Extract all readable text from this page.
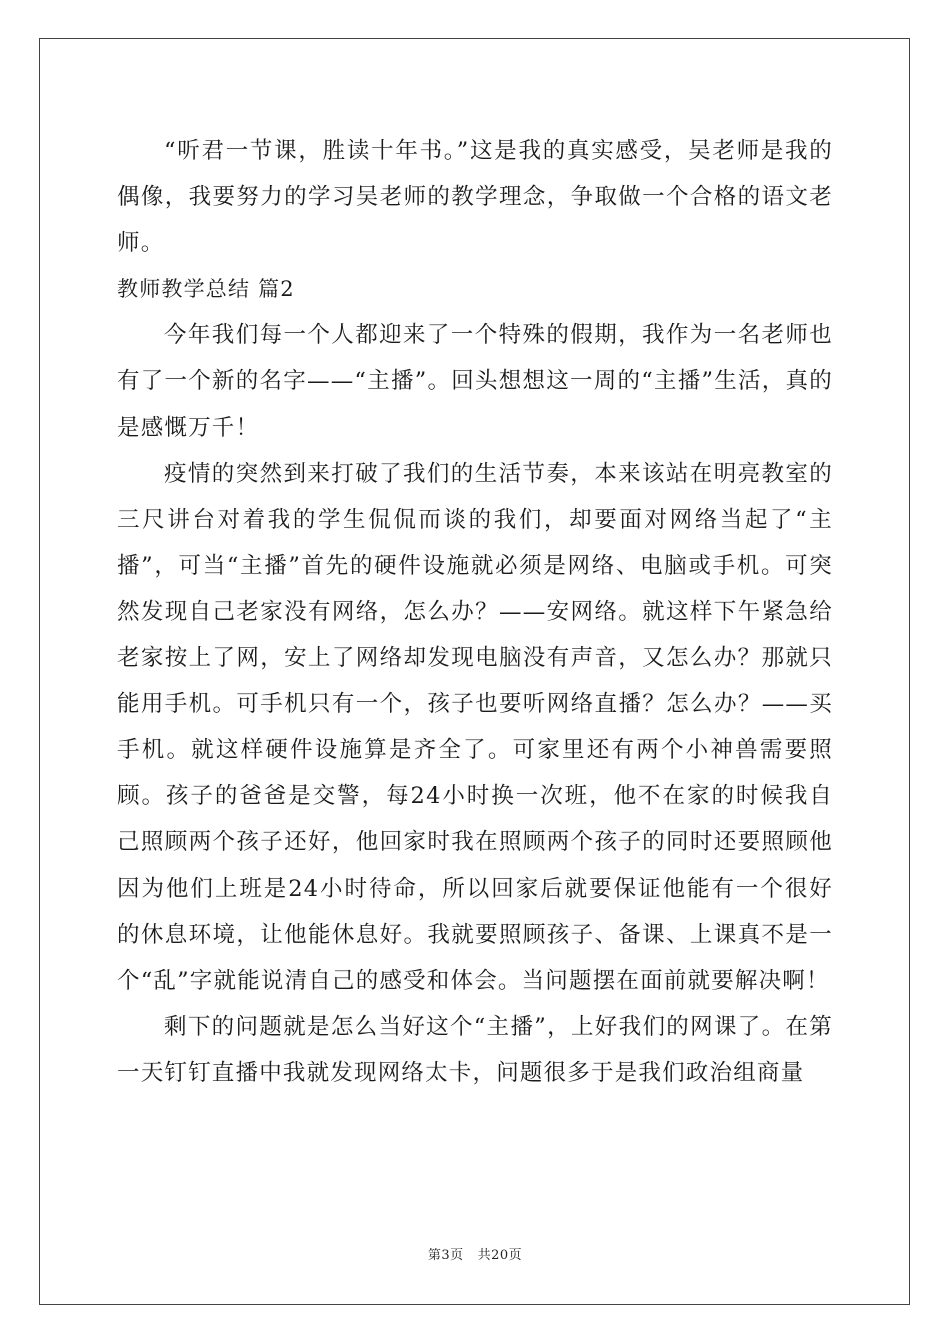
“听君一节课，胜读十年书。”这是我的真实感受，吴老师是我的偶像，我要努力的学习吴老师的教学理念，争取做一个合格的语文老师。

教师教学总结 篇2

今年我们每一个人都迎来了一个特殊的假期，我作为一名老师也有了一个新的名字——“主播”。回头想想这一周的“主播”生活，真的是感慨万千！

疫情的突然到来打破了我们的生活节奏，本来该站在明亮教室的三尺讲台对着我的学生侃侃而谈的我们，却要面对网络当起了“主播”，可当“主播”首先的硬件设施就必须是网络、电脑或手机。可突然发现自己老家没有网络，怎么办？——安网络。就这样下午紧急给老家按上了网，安上了网络却发现电脑没有声音，又怎么办？那就只能用手机。可手机只有一个，孩子也要听网络直播？怎么办？——买手机。就这样硬件设施算是齐全了。可家里还有两个小神兽需要照顾。孩子的爸爸是交警，每24小时换一次班，他不在家的时候我自己照顾两个孩子还好，他回家时我在照顾两个孩子的同时还要照顾他因为他们上班是24小时待命，所以回家后就要保证他能有一个很好的休息环境，让他能休息好。我就要照顾孩子、备课、上课真不是一个“乱”字就能说清自己的感受和体会。当问题摆在面前就要解决啊！

剩下的问题就是怎么当好这个“主播”，上好我们的网课了。在第一天钉钉直播中我就发现网络太卡，问题很多于是我们政治组商量

第3页 共20页
